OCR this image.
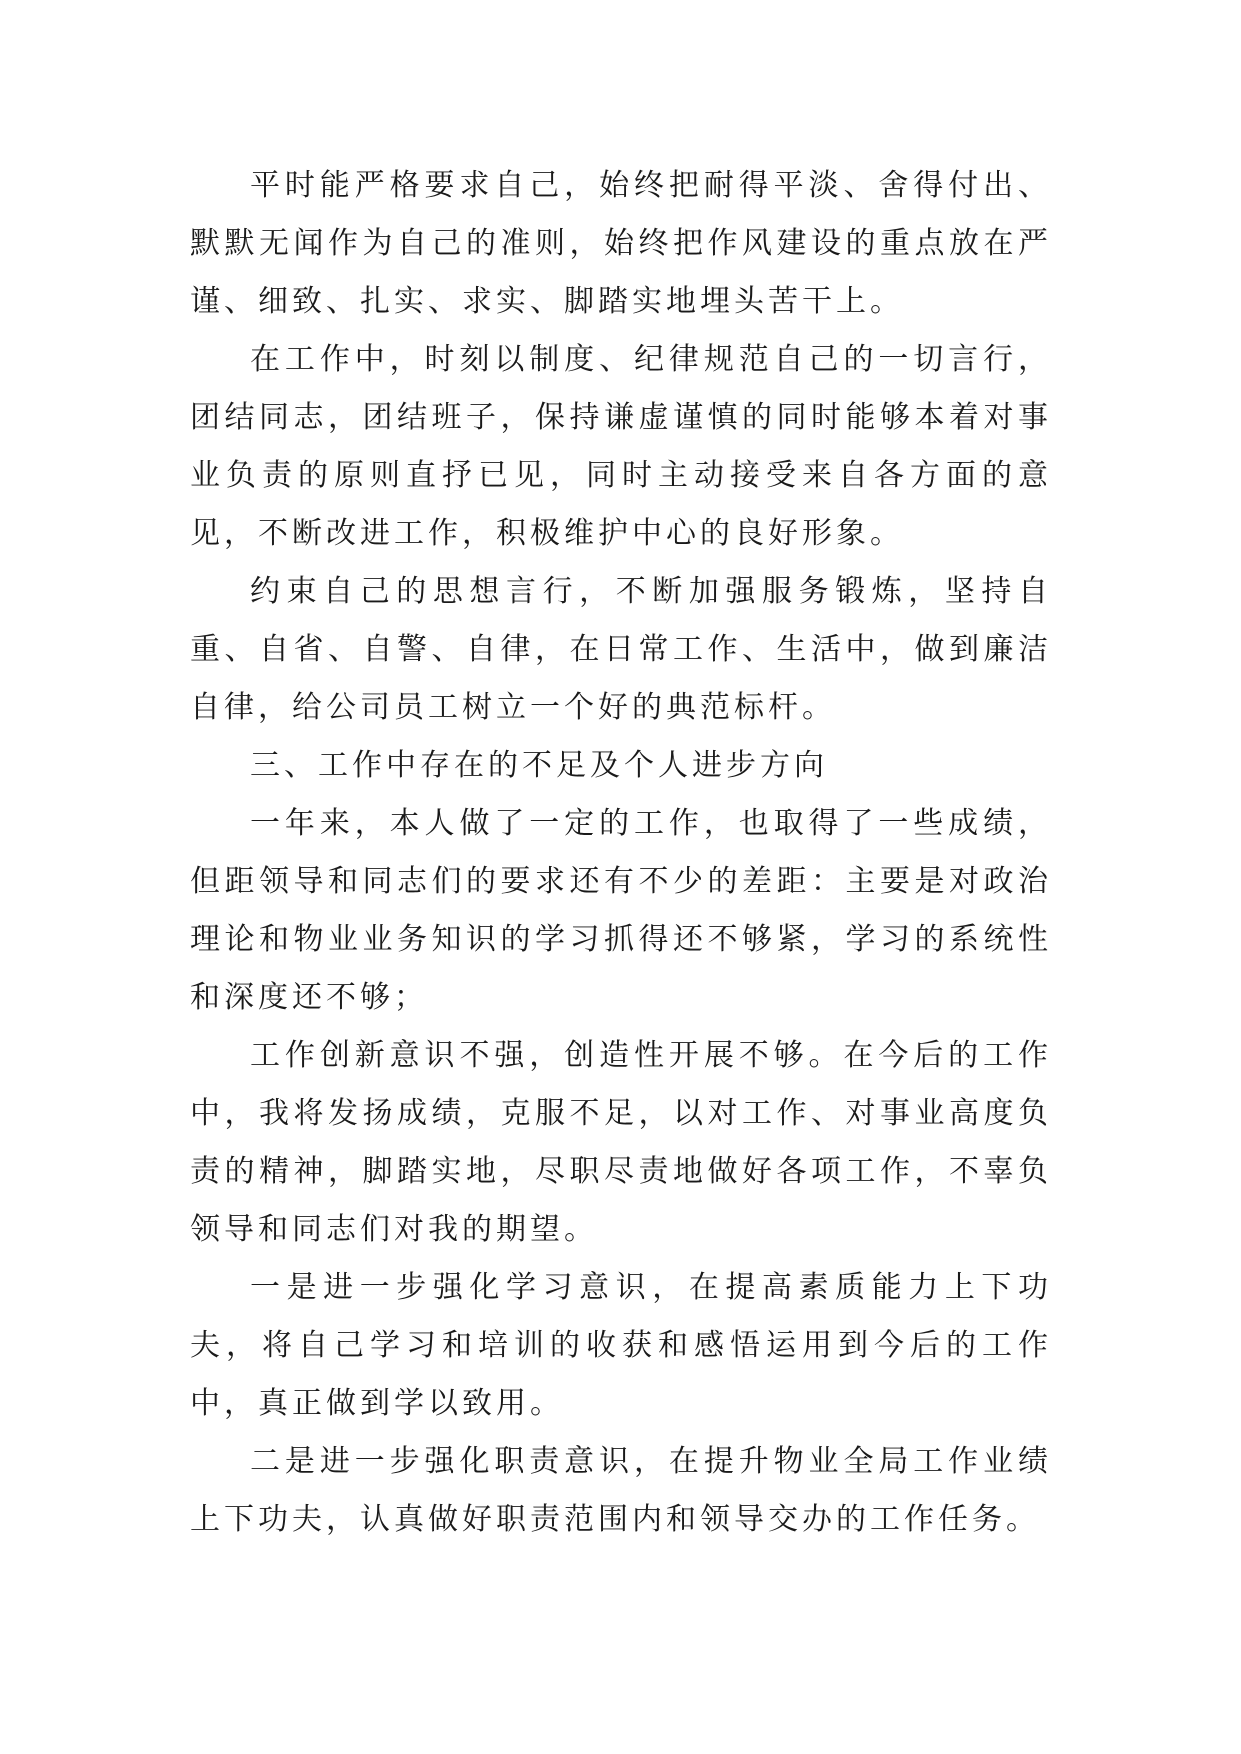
平时能严格要求自己，始终把耐得平淡、舍得付出、默默无闻作为自己的准则，始终把作风建设的重点放在严谨、细致、扎实、求实、脚踏实地埋头苦干上。

在工作中，时刻以制度、纪律规范自己的一切言行，团结同志，团结班子，保持谦虚谨慎的同时能够本着对事业负责的原则直抒已见，同时主动接受来自各方面的意见，不断改进工作，积极维护中心的良好形象。

约束自己的思想言行，不断加强服务锻炼，坚持自重、自省、自警、自律，在日常工作、生活中，做到廉洁自律，给公司员工树立一个好的典范标杆。

三、工作中存在的不足及个人进步方向

一年来，本人做了一定的工作，也取得了一些成绩，但距领导和同志们的要求还有不少的差距：主要是对政治理论和物业业务知识的学习抓得还不够紧，学习的系统性和深度还不够；

工作创新意识不强，创造性开展不够。在今后的工作中，我将发扬成绩，克服不足，以对工作、对事业高度负责的精神，脚踏实地，尽职尽责地做好各项工作，不辜负领导和同志们对我的期望。

一是进一步强化学习意识，在提高素质能力上下功夫，将自己学习和培训的收获和感悟运用到今后的工作中，真正做到学以致用。

二是进一步强化职责意识，在提升物业全局工作业绩上下功夫，认真做好职责范围内和领导交办的工作任务。
